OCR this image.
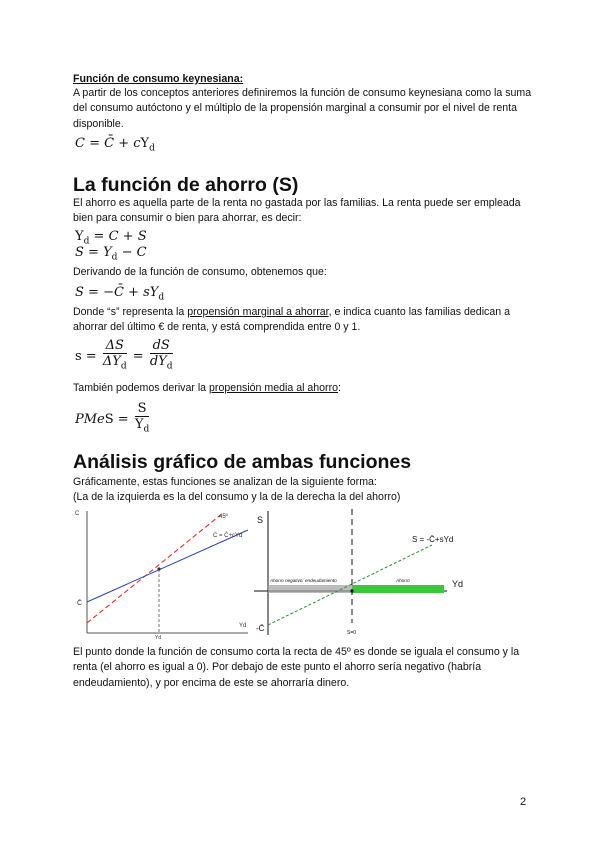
Función de consumo keynesiana:

A partir de los conceptos anteriores definiremos la función de consumo keynesiana como la suma del consumo autóctono y el múltiplo de la propensión marginal a consumir por el nivel de renta disponible.

C = C̄ + $cY_d$
La función de ahorro (S)

El ahorro es aquella parte de la renta no gastada por las familias. La renta puede ser empleada bien para consumir o bien para ahorrar, es decir:

$Y_d = C + S$
$S = Y_d - C$

Derivando de la función de consumo, obtenemos que:

S = −C̄ + $sY_d$

Donde “s” representa la propensión marginal a ahorrar, e indica cuanto las familias dedican a ahorrar del último € de renta, y está comprendida entre 0 y 1.

$s = \frac{\Delta S}{\Delta Y_d} = \frac{dS}{dY_d}$

También podemos derivar la propensión media al ahorro:

PMeS = $\frac{S}{Y_d}$
Análisis gráfico de ambas funciones

Gráficamente, estas funciones se analizan de la siguiente forma:

(La de la izquierda es la del consumo y la de la derecha la del ahorro)

C
Yd
45º
C = C̄+cYd
C̄
Yd
S
Yd
Ahorro negativo: endeudamiento	Ahorro
S = -C̄+sYd
-C̄	S=0

El punto donde la función de consumo corta la recta de 45º es donde se iguala el consumo y la renta (el ahorro es igual a 0). Por debajo de este punto el ahorro sería negativo (habría endeudamiento), y por encima de este se ahorraría dinero.

2
